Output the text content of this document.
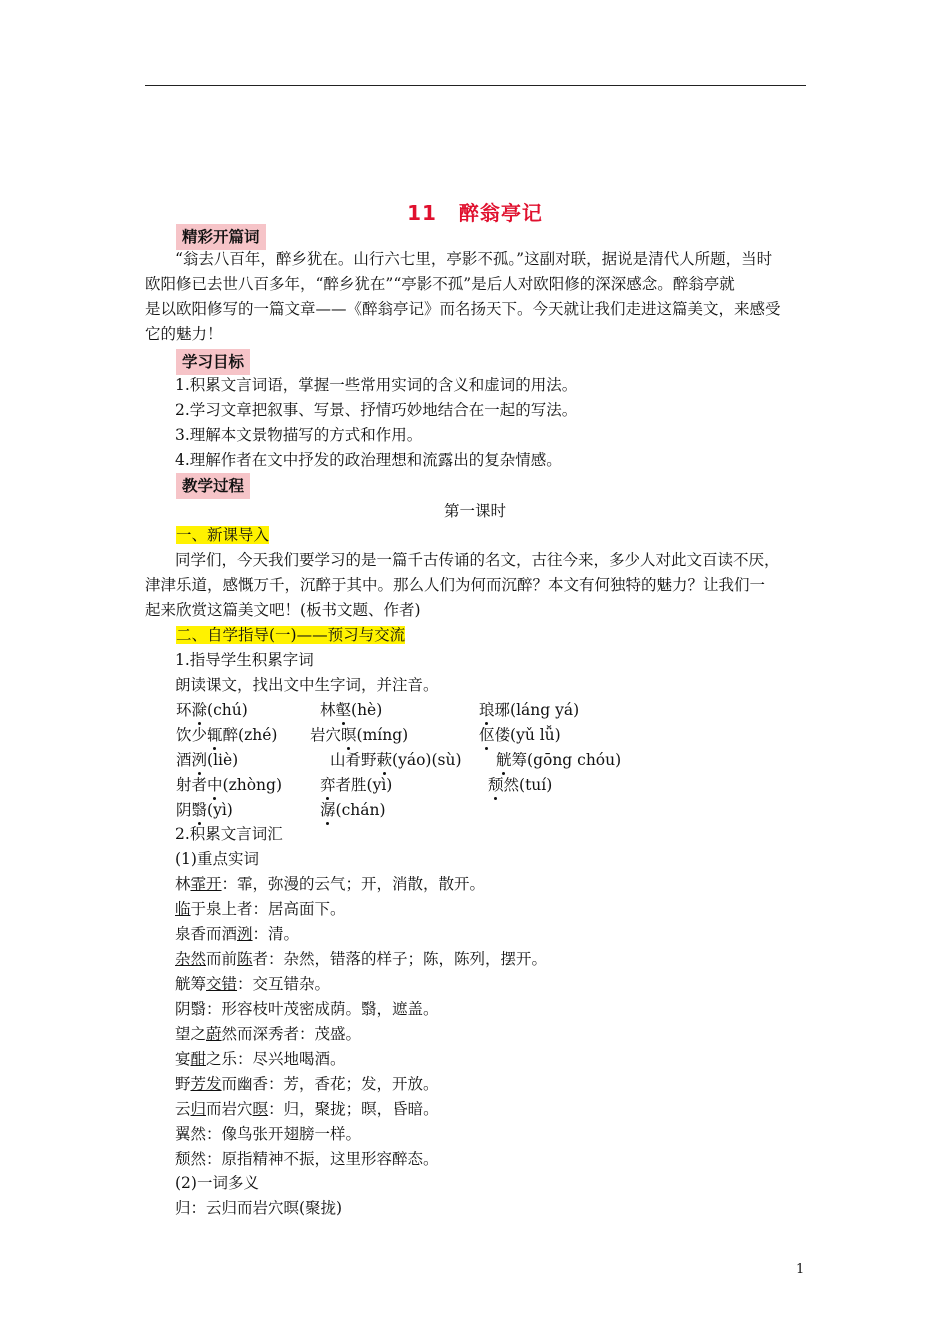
11 醉翁亭记
精彩开篇词
“翁去八百年，醉乡犹在。山行六七里，亭影不孤。”这副对联，据说是清代人所题，当时
欧阳修已去世八百多年，“醉乡犹在”“亭影不孤”是后人对欧阳修的深深感念。醉翁亭就
是以欧阳修写的一篇文章——《醉翁亭记》而名扬天下。今天就让我们走进这篇美文，来感受
它的魅力！
学习目标
1.积累文言词语，掌握一些常用实词的含义和虚词的用法。
2.学习文章把叙事、写景、抒情巧妙地结合在一起的写法。
3.理解本文景物描写的方式和作用。
4.理解作者在文中抒发的政治理想和流露出的复杂情感。
教学过程
第一课时
一、新课导入
同学们，今天我们要学习的是一篇千古传诵的名文，古往今来，多少人对此文百读不厌，
津津乐道，感慨万千，沉醉于其中。那么人们为何而沉醉？本文有何独特的魅力？让我们一
起来欣赏这篇美文吧！(板书文题、作者)
二、自学指导(一)——预习与交流
1.指导学生积累字词
朗读课文，找出文中生字词，并注音。
环滁(chú)	林壑(hè)	琅琊(láng yá)
饮少辄醉(zhé) 岩穴暝(míng)	伛偻(yǔ lǚ)
酒洌(liè)	山肴野蔌(yáo)(sù) 觥筹(gōng chóu)
射者中(zhòng) 弈者胜(yì)	颓然(tuí)
阴翳(yì)	潺(chán)
2.积累文言词汇
(1)重点实词
林霏开：霏，弥漫的云气；开，消散，散开。
临于泉上者：居高面下。
泉香而酒洌：清。
杂然而前陈者：杂然，错落的样子；陈，陈列，摆开。
觥筹交错：交互错杂。
阴翳：形容枝叶茂密成荫。翳，遮盖。
望之蔚然而深秀者：茂盛。
宴酣之乐：尽兴地喝酒。
野芳发而幽香：芳，香花；发，开放。
云归而岩穴暝：归，聚拢；暝，昏暗。
翼然：像鸟张开翅膀一样。
颓然：原指精神不振，这里形容醉态。
(2)一词多义
归：云归而岩穴暝(聚拢)
1
